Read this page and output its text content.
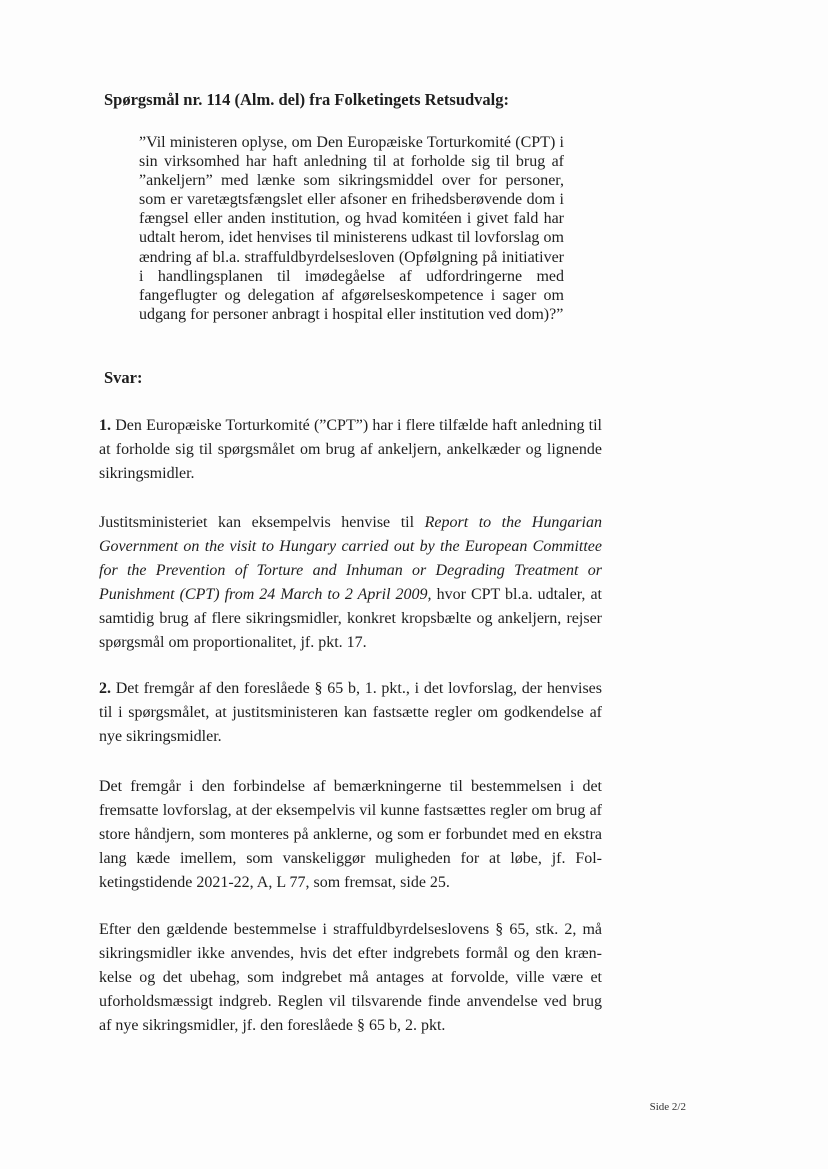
Spørgsmål nr. 114 (Alm. del) fra Folketingets Retsudvalg:

”Vil ministeren oplyse, om Den Europæiske Torturkomité (CPT) i sin virksomhed har haft anledning til at forholde sig til brug af ”ankeljern” med lænke som sikringsmiddel over for personer, som er varetægtsfængslet eller afsoner en frihedsberøvende dom i fængsel eller anden institution, og hvad komitéen i givet fald har udtalt herom, idet henvises til ministerens udkast til lovforslag om ændring af bl.a. straffuldbyrdelsesloven (Opfølgning på initiativer i handlingsplanen til imødegåelse af udfordringerne med fangeflugter og delegation af afgørelseskompetence i sager om udgang for personer anbragt i hospital eller institution ved dom)?”

Svar:

1. Den Europæiske Torturkomité (”CPT”) har i flere tilfælde haft anledning til at forholde sig til spørgsmålet om brug af ankeljern, ankelkæder og lignende sikringsmidler.

Justitsministeriet kan eksempelvis henvise til Report to the Hungarian Government on the visit to Hungary carried out by the European Committee for the Prevention of Torture and Inhuman or Degrading Treatment or Punishment (CPT) from 24 March to 2 April 2009, hvor CPT bl.a. udtaler, at samtidig brug af flere sikringsmidler, konkret kropsbælte og ankeljern, rejser spørgsmål om proportionalitet, jf. pkt. 17.

2. Det fremgår af den foreslåede § 65 b, 1. pkt., i det lovforslag, der henvises til i spørgsmålet, at justitsministeren kan fastsætte regler om godkendelse af nye sikringsmidler.

Det fremgår i den forbindelse af bemærkningerne til bestemmelsen i det fremsatte lovforslag, at der eksempelvis vil kunne fastsættes regler om brug af store håndjern, som monteres på anklerne, og som er forbundet med en ekstra lang kæde imellem, som vanskeliggør muligheden for at løbe, jf. Folketingstidende 2021-22, A, L 77, som fremsat, side 25.

Efter den gældende bestemmelse i straffuldbyrdelseslovens § 65, stk. 2, må sikringsmidler ikke anvendes, hvis det efter indgrebets formål og den krænkelse og det ubehag, som indgrebet må antages at forvolde, ville være et uforholdsmæssigt indgreb. Reglen vil tilsvarende finde anvendelse ved brug af nye sikringsmidler, jf. den foreslåede § 65 b, 2. pkt.

Side 2/2
